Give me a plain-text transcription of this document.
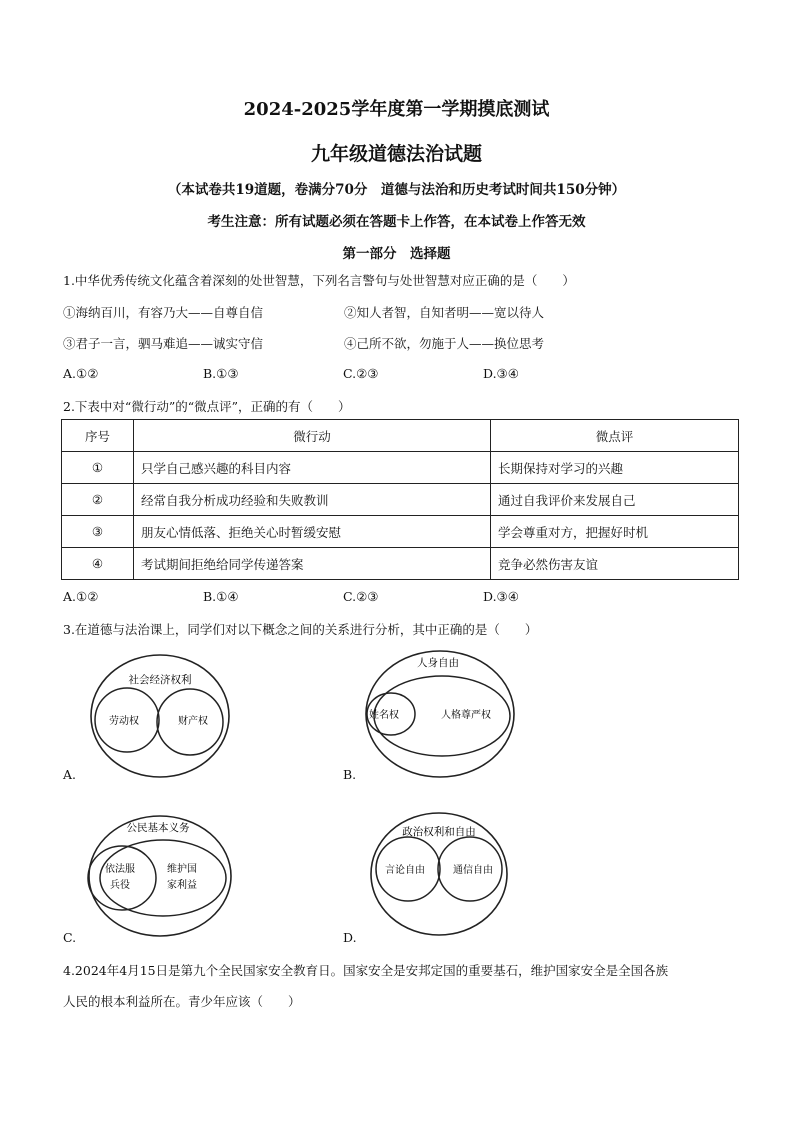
2024-2025学年度第一学期摸底测试
九年级道德法治试题
（本试卷共19道题，卷满分70分　道德与法治和历史考试时间共150分钟）
考生注意：所有试题必须在答题卡上作答，在本试卷上作答无效
第一部分　选择题
1.中华优秀传统文化蕴含着深刻的处世智慧，下列名言警句与处世智慧对应正确的是（　　）
①海纳百川，有容乃大——自尊自信	②知人者智，自知者明——宽以待人
③君子一言，驷马难追——诚实守信	④己所不欲，勿施于人——换位思考
A.①②	B.①③	C.②③	D.③④
2.下表中对“微行动”的“微点评”，正确的有（　　）
序号	微行动	微点评
①	只学自己感兴趣的科目内容	长期保持对学习的兴趣
②	经常自我分析成功经验和失败教训	通过自我评价来发展自己
③	朋友心情低落、拒绝关心时暂缓安慰	学会尊重对方，把握好时机
④	考试期间拒绝给同学传递答案	竞争必然伤害友谊
A.①②	B.①④	C.②③	D.③④
3.在道德与法治课上，同学们对以下概念之间的关系进行分析，其中正确的是（　　）
社会经济权利
劳动权	财产权
A.
人身自由
姓名权	人格尊严权
B.
公民基本义务
依法服
兵役
维护国
家利益
C.
政治权利和自由
言论自由	通信自由
D.
4.2024年4月15日是第九个全民国家安全教育日。国家安全是安邦定国的重要基石，维护国家安全是全国各族
人民的根本利益所在。青少年应该（　　）
